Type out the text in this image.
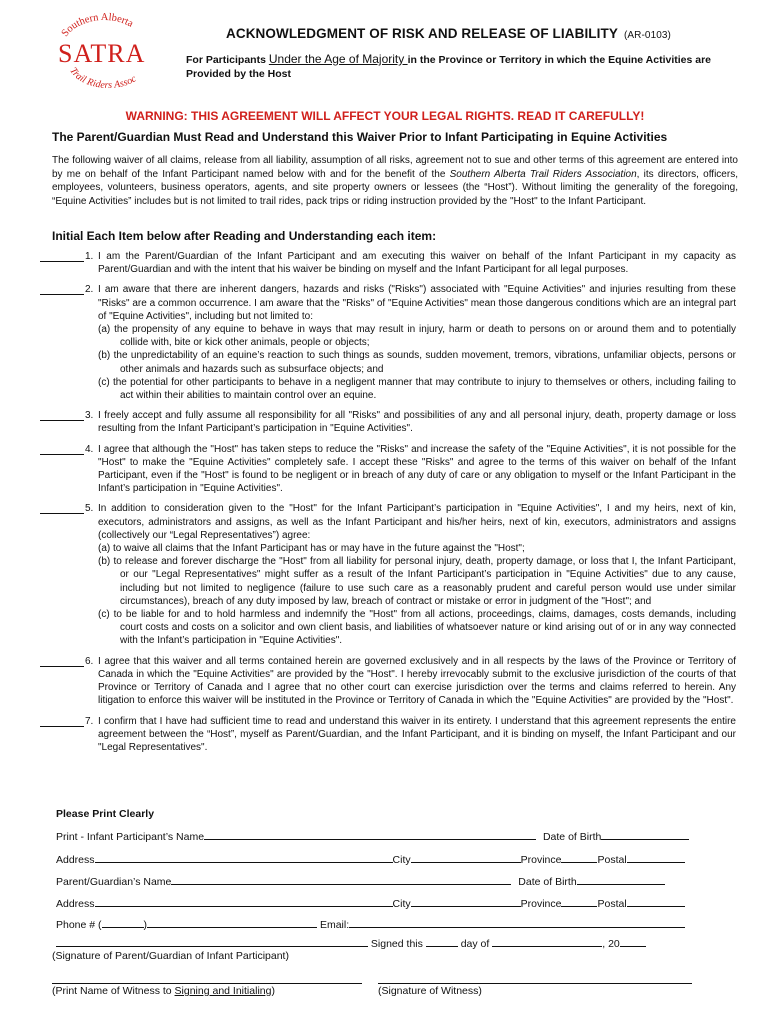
Southern Alberta
SATRA
Trail Riders Assoc
ACKNOWLEDGMENT OF RISK AND RELEASE OF LIABILITY (AR-0103)
For Participants Under the Age of Majority in the Province or Territory in which the Equine Activities are Provided by the Host
WARNING: THIS AGREEMENT WILL AFFECT YOUR LEGAL RIGHTS. READ IT CAREFULLY!
The Parent/Guardian Must Read and Understand this Waiver Prior to Infant Participating in Equine Activities
The following waiver of all claims, release from all liability, assumption of all risks, agreement not to sue and other terms of this agreement are entered into by me on behalf of the Infant Participant named below with and for the benefit of the Southern Alberta Trail Riders Association, its directors, officers, employees, volunteers, business operators, agents, and site property owners or lessees (the “Host”). Without limiting the generality of the foregoing, “Equine Activities” includes but is not limited to trail rides, pack trips or riding instruction provided by the "Host" to the Infant Participant.
Initial Each Item below after Reading and Understanding each item:
1. I am the Parent/Guardian of the Infant Participant and am executing this waiver on behalf of the Infant Participant in my capacity as Parent/Guardian and with the intent that his waiver be binding on myself and the Infant Participant for all legal purposes.
2. I am aware that there are inherent dangers, hazards and risks ("Risks") associated with "Equine Activities" and injuries resulting from these "Risks" are a common occurrence. I am aware that the "Risks" of "Equine Activities" mean those dangerous conditions which are an integral part of "Equine Activities", including but not limited to:
(a) the propensity of any equine to behave in ways that may result in injury, harm or death to persons on or around them and to potentially collide with, bite or kick other animals, people or objects;
(b) the unpredictability of an equine’s reaction to such things as sounds, sudden movement, tremors, vibrations, unfamiliar objects, persons or other animals and hazards such as subsurface objects; and
(c) the potential for other participants to behave in a negligent manner that may contribute to injury to themselves or others, including failing to act within their abilities to maintain control over an equine.
3. I freely accept and fully assume all responsibility for all "Risks" and possibilities of any and all personal injury, death, property damage or loss resulting from the Infant Participant’s participation in "Equine Activities".
4. I agree that although the "Host" has taken steps to reduce the "Risks" and increase the safety of the "Equine Activities", it is not possible for the "Host" to make the "Equine Activities" completely safe. I accept these "Risks" and agree to the terms of this waiver on behalf of the Infant Participant, even if the "Host" is found to be negligent or in breach of any duty of care or any obligation to myself or the Infant Participant in the Infant’s participation in "Equine Activities".
5. In addition to consideration given to the "Host" for the Infant Participant’s participation in "Equine Activities", I and my heirs, next of kin, executors, administrators and assigns, as well as the Infant Participant and his/her heirs, next of kin, executors, administrators and assigns (collectively our “Legal Representatives”) agree:
(a) to waive all claims that the Infant Participant has or may have in the future against the "Host";
(b) to release and forever discharge the "Host" from all liability for personal injury, death, property damage, or loss that I, the Infant Participant, or our "Legal Representatives" might suffer as a result of the Infant Participant’s participation in "Equine Activities" due to any cause, including but not limited to negligence (failure to use such care as a reasonably prudent and careful person would use under similar circumstances), breach of any duty imposed by law, breach of contract or mistake or error in judgment of the "Host"; and
(c) to be liable for and to hold harmless and indemnify the "Host" from all actions, proceedings, claims, damages, costs demands, including court costs and costs on a solicitor and own client basis, and liabilities of whatsoever nature or kind arising out of or in any way connected with the Infant’s participation in "Equine Activities".
6. I agree that this waiver and all terms contained herein are governed exclusively and in all respects by the laws of the Province or Territory of Canada in which the "Equine Activities" are provided by the "Host". I hereby irrevocably submit to the exclusive jurisdiction of the courts of that Province or Territory of Canada and I agree that no other court can exercise jurisdiction over the terms and claims referred to herein. Any litigation to enforce this waiver will be instituted in the Province or Territory of Canada in which the "Equine Activities" are provided by the "Host".
7. I confirm that I have had sufficient time to read and understand this waiver in its entirety. I understand that this agreement represents the entire agreement between the “Host”, myself as Parent/Guardian, and the Infant Participant, and it is binding on myself, the Infant Participant and our "Legal Representatives".
Please Print Clearly
Print - Infant Participant’s Name	Date of Birth
Address	City	Province	Postal
Parent/Guardian’s Name	Date of Birth
Address	City	Province	Postal
Phone # (	)	Email:
Signed this	day of	, 20
(Signature of Parent/Guardian of Infant Participant)
(Print Name of Witness to Signing and Initialing)	(Signature of Witness)
